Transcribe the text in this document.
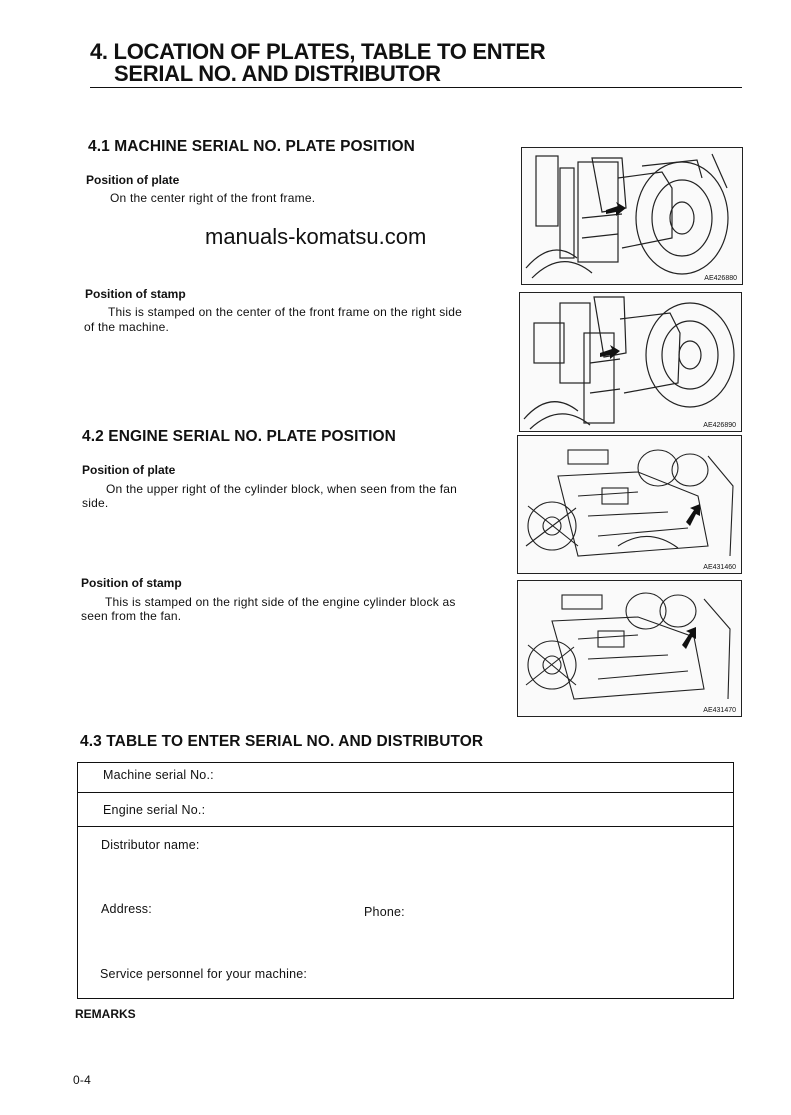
4. LOCATION OF PLATES, TABLE TO ENTER
SERIAL NO. AND DISTRIBUTOR
4.1 MACHINE SERIAL NO. PLATE POSITION
Position of plate
On the center right of the front frame.
manuals-komatsu.com
Position of stamp
This is stamped on the center of the front frame on the right side
of the machine.
AE426880
AE426890
4.2 ENGINE SERIAL NO. PLATE POSITION
Position of plate
On the upper right of the cylinder block, when seen from the fan
side.
Position of stamp
This is stamped on the right side of the engine cylinder block as
seen from the fan.
AE431460
AE431470
4.3 TABLE TO ENTER SERIAL NO. AND DISTRIBUTOR
Machine serial No.:
Engine serial No.:
Distributor name:
Address:	Phone:
Service personnel for your machine:
REMARKS
0-4
